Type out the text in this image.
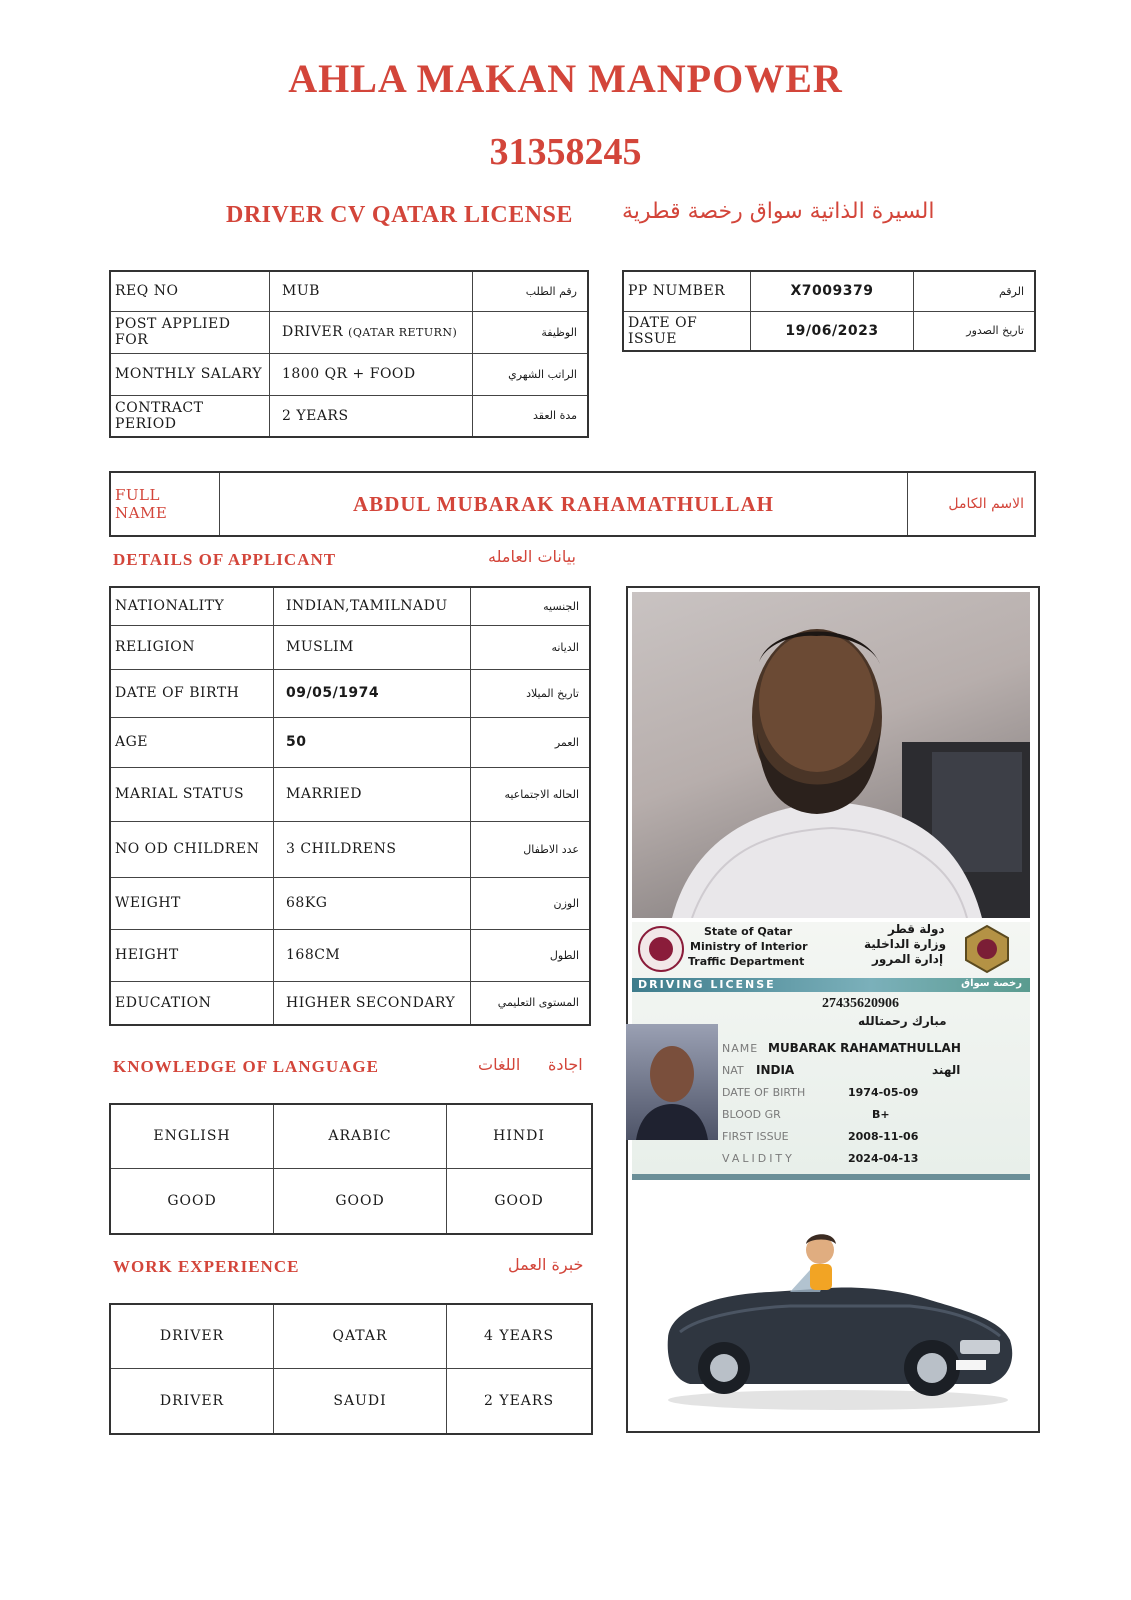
AHLA MAKAN MANPOWER
31358245
DRIVER CV QATAR LICENSE السيرة الذاتية سواق رخصة قطرية
REQ NO	MUB	رقم الطلب
POST APPLIED FOR	DRIVER (QATAR RETURN)	الوظيفة
MONTHLY SALARY	1800 QR + FOOD	الراتب الشهري
CONTRACT PERIOD	2 YEARS	مدة العقد
PP NUMBER	X7009379	الرقم
DATE OF ISSUE	19/06/2023	تاريخ الصدور
FULL NAME	ABDUL MUBARAK RAHAMATHULLAH	الاسم الكامل
DETAILS OF APPLICANT	بيانات العامله
NATIONALITY	INDIAN,TAMILNADU	الجنسيه
RELIGION	MUSLIM	الديانه
DATE OF BIRTH	09/05/1974	تاريخ الميلاد
AGE	50	العمر
MARIAL STATUS	MARRIED	الحاله الاجتماعيه
NO OD CHILDREN	3 CHILDRENS	عدد الاطفال
WEIGHT	68KG	الوزن
HEIGHT	168CM	الطول
EDUCATION	HIGHER SECONDARY	المستوى التعليمي
KNOWLEDGE OF LANGUAGE	اللغات اجادة
ENGLISH	ARABIC	HINDI
GOOD	GOOD	GOOD
WORK EXPERIENCE	خبرة العمل
DRIVER	QATAR	4 YEARS
DRIVER	SAUDI	2 YEARS
State of Qatar
Ministry of Interior
Traffic Department
دولة قطر
وزارة الداخلية
إدارة المرور
DRIVING LICENSE	رخصة سواق
27435620906
مبارك رحمتالله
NAME MUBARAK RAHAMATHULLAH
NAT INDIA	الهند
DATE OF BIRTH	1974-05-09
BLOOD GR	B+
FIRST ISSUE	2008-11-06
VALIDITY	2024-04-13
